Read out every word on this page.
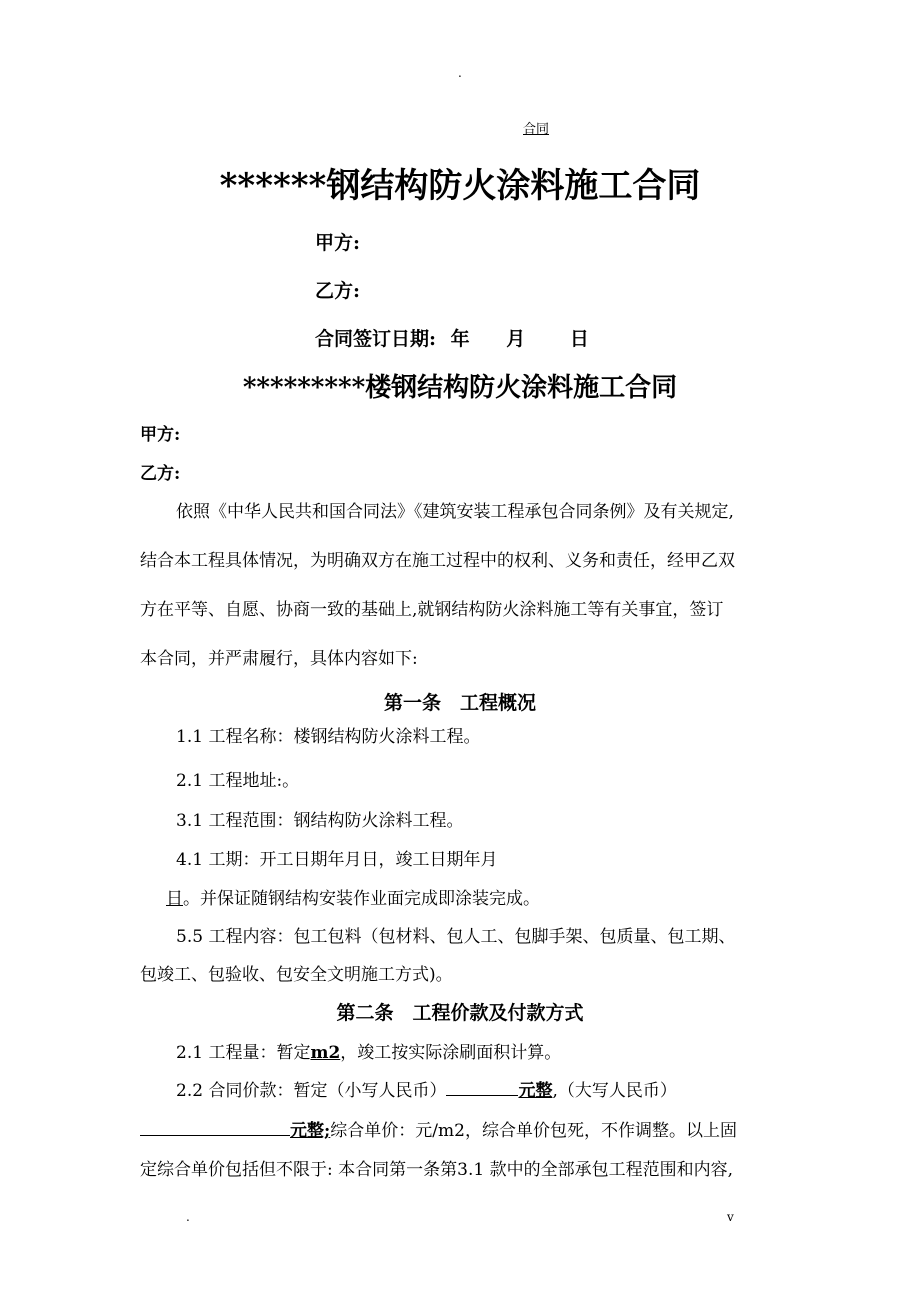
.
合同
******钢结构防火涂料施工合同
甲方:
乙方:
合同签订日期: 年 月 日
*********楼钢结构防火涂料施工合同
甲方:
乙方:
依照《中华人民共和国合同法》《建筑安装工程承包合同条例》及有关规定,
结合本工程具体情况，为明确双方在施工过程中的权利、义务和责任，经甲乙双
方在平等、自愿、协商一致的基础上,就钢结构防火涂料施工等有关事宜，签订
本合同，并严肃履行，具体内容如下:
第一条　工程概况
1.1 工程名称：楼钢结构防火涂料工程。
2.1 工程地址:。
3.1 工程范围：钢结构防火涂料工程。
4.1 工期：开工日期年月日，竣工日期年月
日。并保证随钢结构安装作业面完成即涂装完成。
5.5 工程内容：包工包料（包材料、包人工、包脚手架、包质量、包工期、
包竣工、包验收、包安全文明施工方式)。
第二条　工程价款及付款方式
2.1 工程量：暂定m2，竣工按实际涂刷面积计算。
2.2 合同价款：暂定（小写人民币）	元整,（大写人民币）
元整;综合单价：元/m2，综合单价包死，不作调整。以上固
定综合单价包括但不限于: 本合同第一条第3.1 款中的全部承包工程范围和内容,
.	v
